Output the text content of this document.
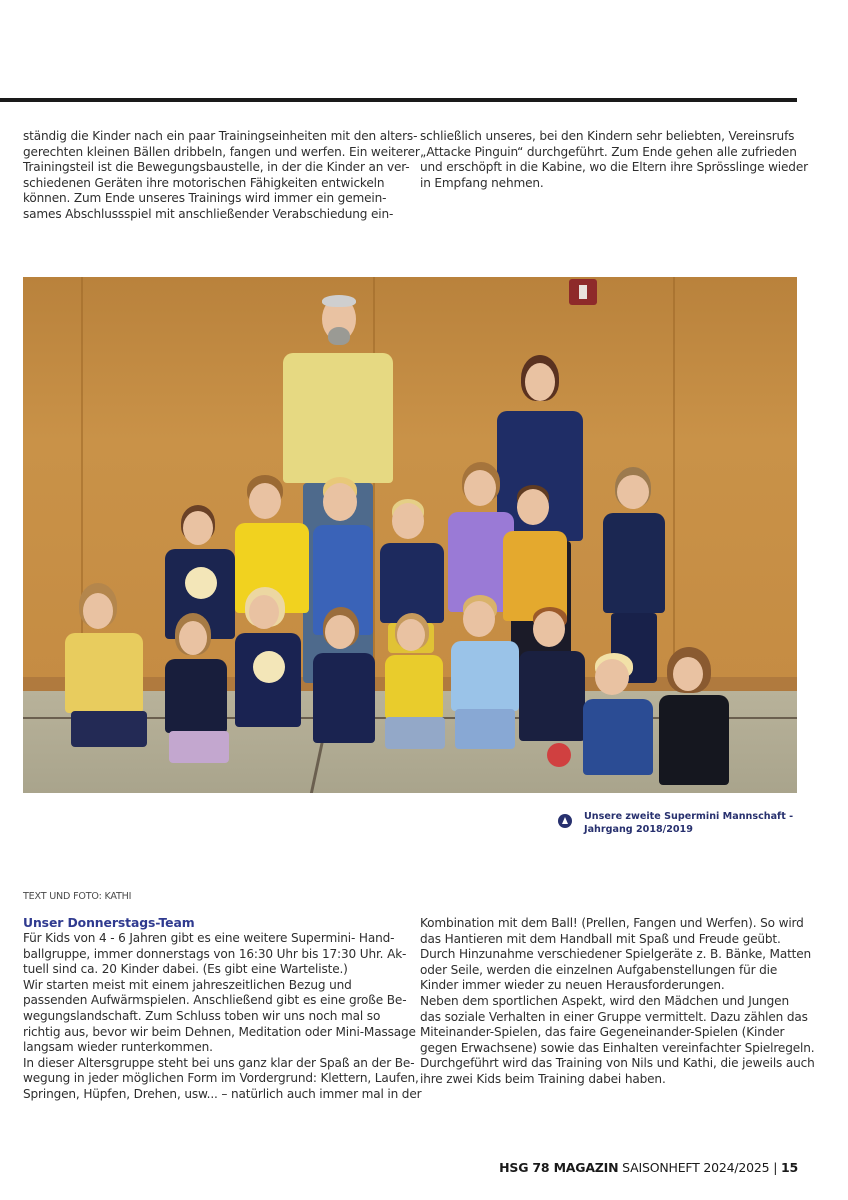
ständig die Kinder nach ein paar Trainingseinheiten mit den alters-
gerechten kleinen Bällen dribbeln, fangen und werfen. Ein weiterer
Trainingsteil ist die Bewegungsbaustelle, in der die Kinder an ver-
schiedenen Geräten ihre motorischen Fähigkeiten entwickeln
können. Zum Ende unseres Trainings wird immer ein gemein-
sames Abschlussspiel mit anschließender Verabschiedung ein-
schließlich unseres, bei den Kindern sehr beliebten, Vereinsrufs
„Attacke Pinguin“ durchgeführt. Zum Ende gehen alle zufrieden
und erschöpft in die Kabine, wo die Eltern ihre Sprösslinge wieder
in Empfang nehmen.
Unsere zweite Supermini Mannschaft -
Jahrgang 2018/2019
TEXT UND FOTO: KATHI
Unser Donnerstags-Team
Für Kids von 4 - 6 Jahren gibt es eine weitere Supermini- Hand-
ballgruppe, immer donnerstags von 16:30 Uhr bis 17:30 Uhr. Ak-
tuell sind ca. 20 Kinder dabei. (Es gibt eine Warteliste.)
Wir starten meist mit einem jahreszeitlichen Bezug und
passenden Aufwärmspielen. Anschließend gibt es eine große Be-
wegungslandschaft. Zum Schluss toben wir uns noch mal so
richtig aus, bevor wir beim Dehnen, Meditation oder Mini-Massage
langsam wieder runterkommen.
In dieser Altersgruppe steht bei uns ganz klar der Spaß an der Be-
wegung in jeder möglichen Form im Vordergrund: Klettern, Laufen,
Springen, Hüpfen, Drehen, usw... – natürlich auch immer mal in der
Kombination mit dem Ball! (Prellen, Fangen und Werfen). So wird
das Hantieren mit dem Handball mit Spaß und Freude geübt.
Durch Hinzunahme verschiedener Spielgeräte z. B. Bänke, Matten
oder Seile, werden die einzelnen Aufgabenstellungen für die
Kinder immer wieder zu neuen Herausforderungen.
Neben dem sportlichen Aspekt, wird den Mädchen und Jungen
das soziale Verhalten in einer Gruppe vermittelt. Dazu zählen das
Miteinander-Spielen, das faire Gegeneinander-Spielen (Kinder
gegen Erwachsene) sowie das Einhalten vereinfachter Spielregeln.
Durchgeführt wird das Training von Nils und Kathi, die jeweils auch
ihre zwei Kids beim Training dabei haben.
HSG 78 MAGAZIN SAISONHEFT 2024/2025 | 15
